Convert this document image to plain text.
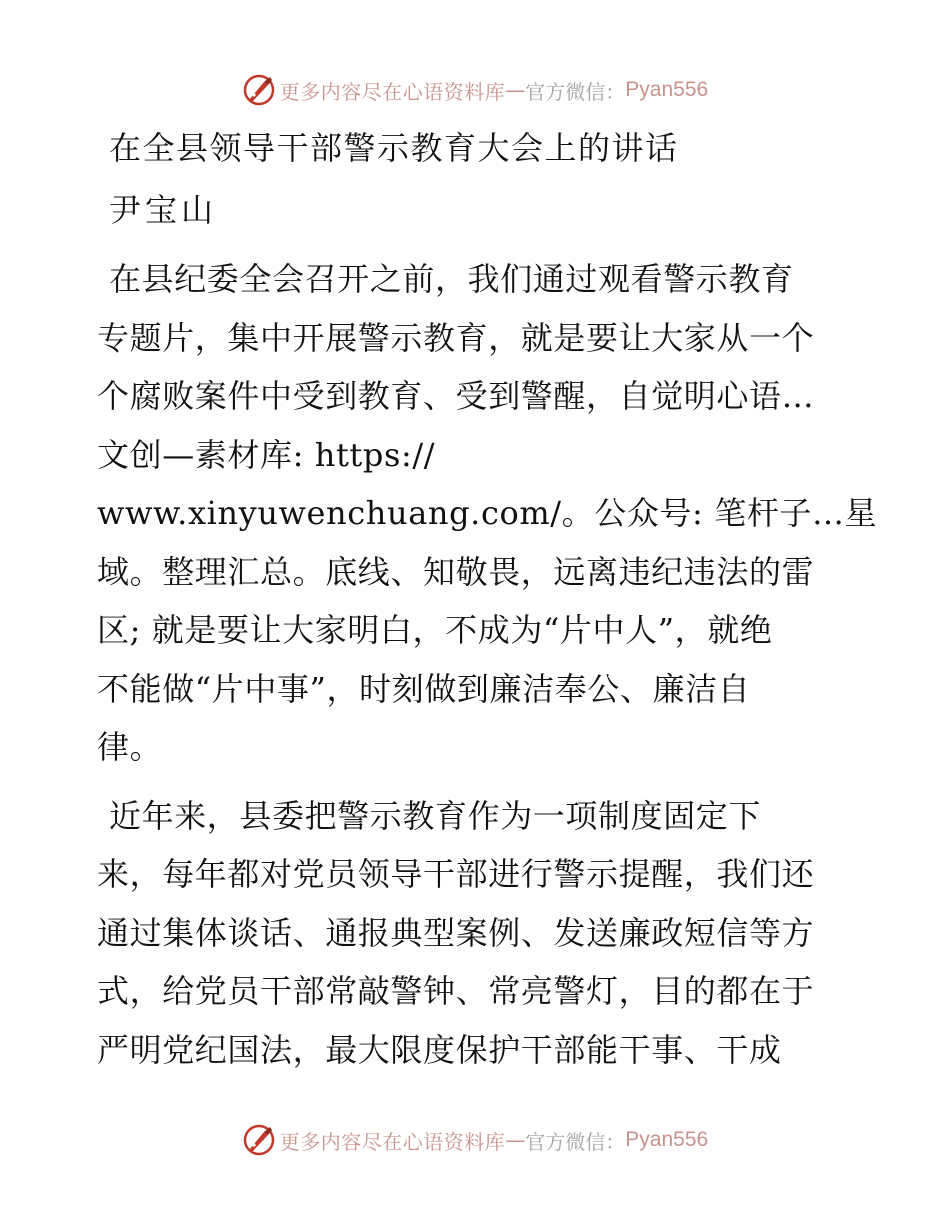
更多内容尽在心语资料库 — 官方微信： Pyan556
在全县领导干部警示教育大会上的讲话
尹宝山
在县纪委全会召开之前，我们通过观看警示教育
专题片，集中开展警示教育，就是要让大家从一个
个腐败案件中受到教育、受到警醒，自觉明心语…
文创—素材库: https://
www.xinyuwenchuang.com/。公众号: 笔杆子…星
域。整理汇总。底线、知敬畏，远离违纪违法的雷
区; 就是要让大家明白，不成为“片中人”，就绝
不能做“片中事”，时刻做到廉洁奉公、廉洁自
律。
近年来，县委把警示教育作为一项制度固定下
来，每年都对党员领导干部进行警示提醒，我们还
通过集体谈话、通报典型案例、发送廉政短信等方
式，给党员干部常敲警钟、常亮警灯，目的都在于
严明党纪国法，最大限度保护干部能干事、干成
更多内容尽在心语资料库 — 官方微信： Pyan556
